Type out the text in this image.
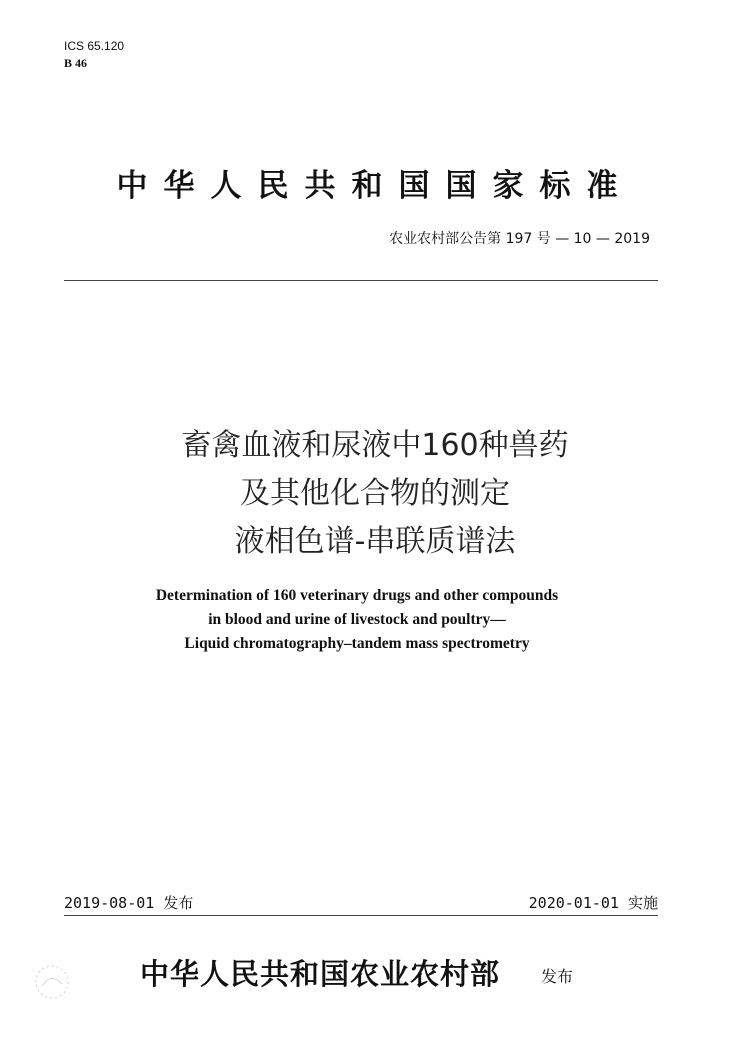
ICS 65.120
B 46
中华人民共和国国家标准
农业农村部公告第 197 号 — 10 — 2019
畜禽血液和尿液中160种兽药
及其他化合物的测定
液相色谱-串联质谱法
Determination of 160 veterinary drugs and other compounds
in blood and urine of livestock and poultry—
Liquid chromatography–tandem mass spectrometry
2019-08-01 发布	2020-01-01 实施
中华人民共和国农业农村部	发布
